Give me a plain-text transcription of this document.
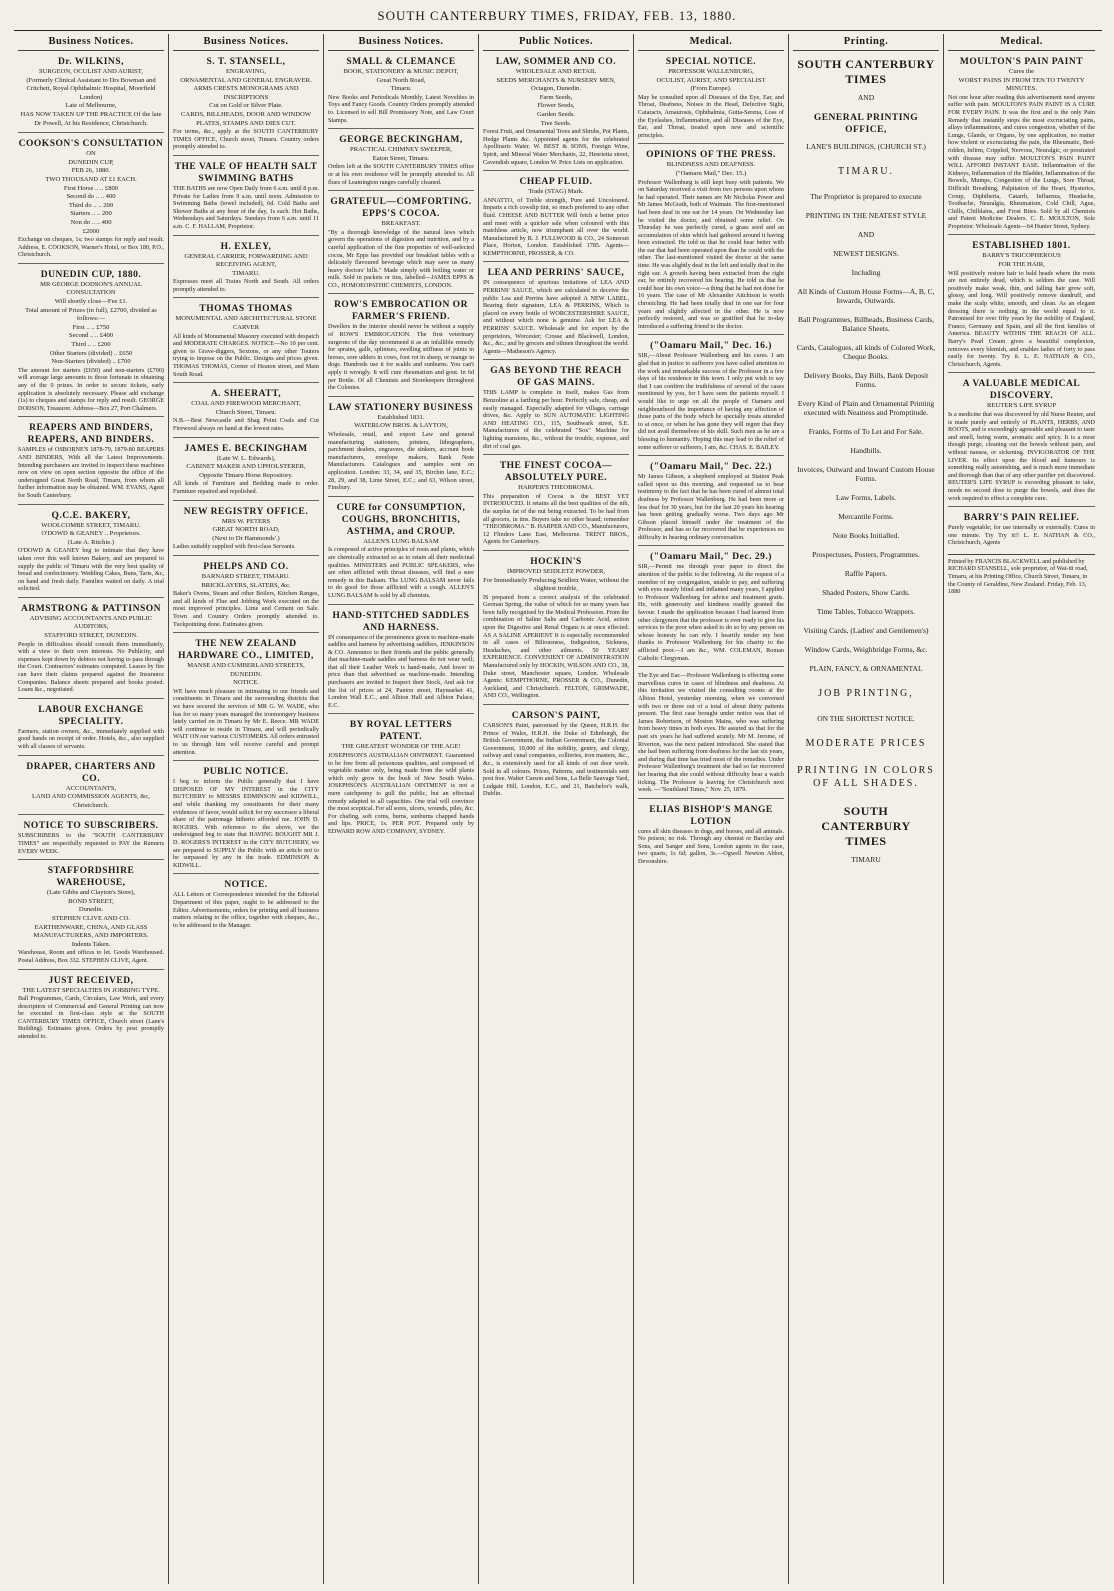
SOUTH CANTERBURY TIMES, FRIDAY, FEB. 13, 1880.
Business Notices.
Dr. WILKINS,
SURGEON, OCULIST AND AURIST,
(Formerly Clinical Assistant to Drs Bowman and Critchett, Royal Ophthalmic Hospital, Moorfield London)
Late of Melbourne,
HAS NOW TAKEN UP THE PRACTICE Of the late Dr Powell, At his Residence, Christchurch.
COOKSON'S CONSULTATION
ON
DUNEDIN CUP,
FEB 26, 1880.
TWO THOUSAND AT £1 EACH.
First Horse .. .. £800
Second do .. .. 400
Third do .. .. 200
Starters .. .. 200
Non do .. .. 400
£2000
Exchange on cheques, 1s; two stamps for reply and result. Address, E. COOKSON, Warner's Hotel, or Box 180, P.O., Christchurch.
DUNEDIN CUP, 1880.
MR GEORGE DODSON'S ANNUAL CONSULTATION
Will shortly close—Fee £1.
Total amount of Prizes (in full), £2700, divided as follows:—
First .. .. £750
Second .. .. £400
Third .. .. £200
Other Starters (divided) .. £650
Non-Starters (divided) .. £700
The amount for starters (£650) and non-starters (£700) will average large amounts to those fortunate in obtaining any of the 0 prizes. In order to secure tickets, early application is absolutely necessary. Please add exchange (1s) to cheques and stamps for reply and result. GEORGE DODSON, Treasurer. Address—Box 27, Port Chalmers.
REAPERS AND BINDERS, REAPERS, AND BINDERS.
SAMPLES of OSBORNE'S 1878-79, 1879-80 REAPERS AND BINDERS, With all the Latest Improvements. Intending purchasers are invited to inspect these machines now on view on open section opposite the office of the undersigned Great North Road, Timaru, from whom all further information may be obtained. WM. EVANS, Agent for South Canterbury.
Q.C.E. BAKERY,
WOOLCOMBE STREET, TIMARU.
O'DOWD & GEANEY .. Proprietors.
(Late A. Ritchie.)
O'DOWD & GEANEY beg to intimate that they have taken over this well known Bakery, and are prepared to supply the public of Timaru with the very best quality of bread and confectionery. Wedding Cakes, Buns, Tarts, &c, on hand and fresh daily. Families waited on daily. A trial solicited.
ARMSTRONG & PATTINSON
ADVISING ACCOUNTANTS AND PUBLIC AUDITORS,
STAFFORD STREET, DUNEDIN.
People in difficulties should consult them immediately, with a view to their own interests. No Publicity, and expenses kept down by debtors not having to pass through the Court. Contractors' estimates computed. Leases by fire can have their claims prepared against the Insurance Companies. Balance sheets prepared and books posted. Loans &c., negotiated.
LABOUR EXCHANGE SPECIALITY.
Farmers, station owners, &c., immediately supplied with good hands on receipt of order. Hotels, &c., also supplied with all classes of servants.
DRAPER, CHARTERS AND CO.
ACCOUNTANTS,
LAND AND COMMISSION AGENTS, &c,
Christchurch.
NOTICE TO SUBSCRIBERS.
SUBSCRIBERS to the "SOUTH CANTERBURY TIMES" are respectfully requested to PAY the Runners EVERY WEEK.
STAFFORDSHIRE WAREHOUSE,
(Late Gibbs and Clayton's Store),
BOND STREET,
Dunedin.
STEPHEN CLIVE AND CO.
EARTHENWARE, CHINA, AND GLASS MANUFACTURERS, AND IMPORTERS.
Indents Taken.
Warehouse, Room and offices to let. Goods Warehoused. Postal Address, Box 332. STEPHEN CLIVE, Agent.
JUST RECEIVED,
THE LATEST SPECIALTIES IN JOBBING TYPE.
Ball Programmes, Cards, Circulars, Law Work, and every description of Commercial and General Printing can now be executed in first-class style at the SOUTH CANTERBURY TIMES OFFICE, Church street (Lane's Building). Estimates given. Orders by post promptly attended to.
Business Notices.
S. T. STANSELL,
ENGRAVING,
ORNAMENTAL AND GENERAL ENGRAVER.
ARMS CRESTS MONOGRAMS AND INSCRIPTIONS
Cut on Gold or Silver Plate.
CARDS, BILLHEADS, DOOR AND WINDOW PLATES, STAMPS AND DIES CUT.
For terms, &c., apply at the SOUTH CANTERBURY TIMES OFFICE, Church street, Timaru. Country orders promptly attended to.
THE VALE OF HEALTH SALT SWIMMING BATHS
THE BATHS are now Open Daily from 6 a.m. until 8 p.m. Private for Ladies from 9 a.m. until noon. Admission to Swimming Baths (towel included), 6d. Cold Baths and Shower Baths at any hour of the day, 1s each. Hot Baths, Wednesdays and Saturdays. Sundays from 6 a.m. until 11 a.m. C. F. HALLAM, Proprietor.
H. EXLEY,
GENERAL CARRIER, FORWARDING AND RECEIVING AGENT,
TIMARU.
Expresses meet all Trains North and South. All orders promptly attended to.
THOMAS THOMAS
MONUMENTAL AND ARCHITECTURAL STONE CARVER
All kinds of Monumental Masonry executed with despatch and MODERATE CHARGES. NOTICE—No 10 per cent. given to Grave-diggers, Sextons, or any other Touters trying to impose on the Public. Designs and prices given. THOMAS THOMAS, Corner of Heaton street, and Main South Road.
A. SHEERATT,
COAL AND FIREWOOD MERCHANT,
Church Street, Timaru.
N.B.—Best Newcastle and Shag Point Coals and Cut Firewood always on hand at the lowest rates.
JAMES E. BECKINGHAM
(Late W. L. Edwards),
CABINET MAKER AND UPHOLSTERER,
Opposite Timaru Horse Repository.
All kinds of Furniture and Bedding made to order. Furniture repaired and repolished.
NEW REGISTRY OFFICE.
MRS W. PETERS
GREAT NORTH ROAD,
(Next to Dr Hammonds'.)
Ladies suitably supplied with first-class Servants.
PHELPS AND CO.
BARNARD STREET, TIMARU.
BRICKLAYERS, SLATERS, &c.
Baker's Ovens, Steam and other Boilers, Kitchen Ranges, and all kinds of Flue and Jobbing Work executed on the most improved principles. Lime and Cement on Sale. Town and Country Orders promptly attended to. Tuckpointing done. Estimates given.
THE NEW ZEALAND HARDWARE CO., LIMITED,
MANSE AND CUMBERLAND STREETS, DUNEDIN.
NOTICE.
WE have much pleasure in intimating to our friends and constituents in Timaru and the surrounding districts that we have secured the services of MR G. W. WADE, who has for so many years managed the ironmongery business lately carried on in Timaru by Mr E. Reece. MR WADE will continue to reside in Timaru, and will periodically WAIT ON our various CUSTOMERS. All orders entrusted to us through him will receive careful and prompt attention.
PUBLIC NOTICE.
I beg to inform the Public generally that I have DISPOSED OF MY INTEREST in the CITY BUTCHERY to MESSRS EDMINSON and KIDWILL, and while thanking my constituents for their many evidences of favor, would solicit for my successor a liberal share of the patronage hitherto afforded me. JOHN D. ROGERS. With reference to the above, we the undersigned beg to state that HAVING BOUGHT MR J. D. ROGERS'S INTEREST in the CITY BUTCHERY, we are prepared to SUPPLY the Public with an article not to be surpassed by any in the trade. EDMINSON & KIDWILL.
NOTICE.
ALL Letters or Correspondence intended for the Editorial Department of this paper, ought to be addressed to the Editor. Advertisements, orders for printing and all business matters relating to the office, together with cheques, &c., to be addressed to the Manager.
Business Notices.
SMALL & CLEMANCE
BOOK, STATIONERY & MUSIC DEPOT,
Great North Road,
Timaru.
New Books and Periodicals Monthly, Latest Novelties in Toys and Fancy Goods. Country Orders promptly attended to. Licensed to sell Bill Promissory Note, and Law Court Stamps.
GEORGE BECKINGHAM,
PRACTICAL CHIMNEY SWEEPER,
Eaton Street, Timaru.
Orders left at the SOUTH CANTERBURY TIMES office or at his own residence will be promptly attended to. All flues of Leamington ranges carefully cleaned.
GRATEFUL—COMFORTING. EPPS'S COCOA.
BREAKFAST.
"By a thorough knowledge of the natural laws which govern the operations of digestion and nutrition, and by a careful application of the fine properties of well-selected cocoa, Mr Epps has provided our breakfast tables with a delicately flavoured beverage which may save us many heavy doctors' bills." Made simply with boiling water or milk. Sold in packets or tins, labelled—JAMES EPPS & CO., HOMOEOPATHIC CHEMISTS, LONDON.
ROW'S EMBROCATION OR FARMER'S FRIEND.
Dwellers in the interior should never be without a supply of ROW'S EMBROCATION. The first veterinary surgeons of the day recommend it as an infallible remedy for sprains, galls, splintses, swelling stiffness of joints in horses, sore udders in cows, foot rot in sheep, or mange in dogs. Hundreds use it for scalds and sunburns. You can't apply it wrongly. It will cure rheumatism and gout. In 6d per Bottle. Of all Chemists and Storekeepers throughout the Colonies.
LAW STATIONERY BUSINESS
Established 1831.
WATERLOW BROS. & LAYTON,
Wholesale, retail, and export Law and general manufacturing stationers, printers, lithographers, parchment dealers, engravers, die sinkers, account book manufacturers, envelope makers, Bank Note Manufacturers. Catalogues and samples sent on application. London: 33, 34, and 35, Birchin lane, E.C.; 28, 29, and 38, Lime Street, E.C.; and 63, Wilson street, Finsbury.
CURE for CONSUMPTION, COUGHS, BRONCHITIS, ASTHMA, and CROUP.
ALLEN'S LUNG BALSAM
Is composed of active principles of roots and plants, which are chemically extracted so as to retain all their medicinal qualities. MINISTERS and PUBLIC SPEAKERS, who are often afflicted with throat diseases, will find a sure remedy in this Balsam. The LUNG BALSAM never fails to do good for those afflicted with a cough. ALLEN'S LUNG BALSAM Is sold by all chemists.
HAND-STITCHED SADDLES AND HARNESS.
IN consequence of the prominence given to machine-made saddles and harness by advertising saddlers, JENKINSON & CO. Announce to their friends and the public generally that machine-made saddles and harness do not wear well; that all their Leather Work is hand-made, And lower in price than that advertised as machine-made. Intending purchasers are invited to Inspect their Stock, And ask for the list of prices at 24, Panton street, Haymarket 41, London Wall E.C., and Albion Hall and Albion Palace, E.C.
BY ROYAL LETTERS PATENT.
THE GREATEST WONDER OF THE AGE!
JOSEPHSON'S AUSTRALIAN OINTMENT. Guaranteed to be free from all poisonous qualities, and composed of vegetable matter only, being made from the wild plants which only grow in the bush of New South Wales. JOSEPHSON'S AUSTRALIAN OINTMENT is not a mere catchpenny to gull the public, but an effectual remedy adapted to all capacities. One trial will convince the most sceptical. For all sores, ulcers, wounds, piles, &c. For chafing, soft corns, burns, sunburns chapped hands and lips. PRICE, 1s. PER POT. Prepared only by EDWARD ROW AND COMPANY, SYDNEY.
Public Notices.
LAW, SOMMER AND CO.
WHOLESALE AND RETAIL
SEEDS MERCHANTS & NURSERY MEN,
Octagon, Dunedin.
Farm Seeds,
Flower Seeds,
Garden Seeds.
Tree Seeds.
Forest Fruit, and Ornamental Trees and Shrubs, Pot Plants, Hedge Plants &c. Appointed agents for the celebrated Apollinaris Water. W. BEST & SONS, Foreign Wine, Spirit, and Mineral Water Merchants, 22, Henrietta street, Cavendish square, London W. Price Lists on application.
CHEAP FLUID.
Trade (STAG) Mark.
ANNATTO, of Treble strength, Pure and Uncoloured. Imparts a rich cowslip tint, so much preferred to any other fluid. CHEESE AND BUTTER Will fetch a better price and meet with a quicker sale when coloured with this matchless article, now triumphant all over the world. Manufactured by R. J. FULLWOOD & CO., 24 Somerset Place, Horton, London. Established 1785. Agents—KEMPTHORNE, PROSSER, & CO.
LEA AND PERRINS' SAUCE,
IN consequence of spurious imitations of LEA AND PERRINS' SAUCE, which are calculated to deceive the public Lea and Perrins have adopted A NEW LABEL, Bearing their signature, LEA & PERRINS, Which is placed on every bottle of WORCESTERSHIRE SAUCE, and without which none is genuine. Ask for LEA & PERRINS' SAUCE. Wholesale and for export by the proprietors, Worcester; Crosse and Blackwell, London, &c., &c.; and by grocers and oilmen throughout the world. Agents—Matheson's Agency.
GAS BEYOND THE REACH OF GAS MAINS.
THIS LAMP is complete in itself, makes Gas from Benzoline at a farthing per hour. Perfectly safe, cheap, and easily managed. Especially adapted for villages, carriage drives, &c. Apply to SUN AUTOMATIC LIGHTING AND HEATING CO., 115, Southwark street, S.E. Manufacturers of the celebrated "Sox" Machine for lighting mansions, &c., without the trouble, expense, and dirt of coal gas.
THE FINEST COCOA—ABSOLUTELY PURE.
HARPER'S THEOBROMA.
This preparation of Cocoa is the BEST YET INTRODUCED. It retains all the best qualities of the nib, the surplus fat of the nut being extracted. To be had from all grocers, in tins. Buyers take no other brand; remember "THEOBROMA." B. HARPER AND CO., Manufacturers, 12 Flinders Lane East, Melbourne. TRENT BROS., Agents for Canterbury.
HOCKIN'S
IMPROVED SEIDLETZ POWDER,
For Immediately Producing Seidletz Water, without the slightest trouble,
IS prepared from a correct analysis of the celebrated German Spring, the value of which for so many years has been fully recognised by the Medical Profession. From the combination of Saline Salts and Carbonic Acid, action upon the Digestive and Renal Organs is at once effected. AS A SALINE APERIENT It is especially recommended in all cases of Biliousness, Indigestion, Sickness, Headaches, and other ailments. 50 YEARS' EXPERIENCE. CONVENIENT OF ADMINISTRATION Manufactured only by HOCKIN, WILSON AND CO., 38, Duke street, Manchester square, London. Wholesale Agents: KEMPTHORNE, PROSSER & CO., Dunedin, Auckland, and Christchurch. FELTON, GRIMWADE, AND CO., Wellington.
CARSON'S PAINT,
CARSON'S Paint, patronised by the Queen, H.R.H. the Prince of Wales, H.R.H. the Duke of Edinburgh, the British Government, the Indian Government, the Colonial Government, 10,000 of the nobility, gentry, and clergy, railway and canal companies, collieries, iron masters, &c., &c., is extensively used for all kinds of out door work. Sold in all colours. Prices, Patterns, and testimonials sent post free. Walter Carson and Sons, La Belle Sauvage Yard, Ludgate Hill, London, E.C., and 21, Batchelor's walk, Dublin.
Medical.
SPECIAL NOTICE.
PROFESSOR WALLENBURG,
OCULIST, AURIST, AND SPECIALIST
(From Europe).
May be consulted upon all Diseases of the Eye, Ear, and Throat, Deafness, Noises in the Head, Defective Sight, Cataracts, Amaurosis, Ophthalmia, Gutta-Serena, Loss of the Eyelashes, Inflammation, and all Diseases of the Eye, Ear, and Throat, treated upon new and scientific principles.
OPINIONS OF THE PRESS.
BLINDNESS AND DEAFNESS.
("Oamaru Mail," Dec. 15.)
Professor Wallenburg is still kept busy with patients. We on Saturday received a visit from two persons upon whom he had operated. Their names are Mr Nicholas Power and Mr James McGrath, both of Waimate. The first-mentioned had been deaf in one ear for 14 years. On Wednesday last he visited the doctor, and obtained some relief. On Thursday he was perfectly cured, a grass seed and an accumulation of skin which had gathered around it having been extracted. He told us that he could hear better with the ear that had been operated upon than he could with the other. The last-mentioned visited the doctor at the same time. He was slightly deaf in the left and totally deaf in the right ear. A growth having been extracted from the right ear, he entirely recovered his hearing. He told us that he could hear his own voice—a thing that he had not done for 16 years. The case of Mr Alexander Aitchison is worth chronicling. He had been totally deaf in one ear for four years and slightly affected in the other. He is now perfectly restored, and was so gratified that he to-day introduced a suffering friend to the doctor.
("Oamaru Mail," Dec. 16.)
SIR,—About Professor Wallenburg and his cures. I am glad that in justice to sufferers you have called attention to the work and remarkable success of the Professor in a few days of his residence in this town. I only put wish to say that I can confirm the truthfulness of several of the cases mentioned by you, for I have seen the patients myself. I would like to urge on all the people of Oamaru and neighbourhood the importance of having any affection of those parts of the body which he specially treats attended to at once, or when he has gone they will regret that they did not avail themselves of his skill. Such men as he are a blessing to humanity. Hoping this may lead to the relief of some sufferer or sufferers, I am, &c. CHAS. E. BAILEY.
("Oamaru Mail," Dec. 22.)
Mr James Gibson, a shepherd employed at Station Peak called upon us this morning, and requested us to bear testimony to the fact that he has been cured of almost total deafness by Professor Wallenburg. He had been more or less deaf for 30 years, but for the last 20 years his hearing has been getting gradually worse. Two days ago Mr Gibson placed himself under the treatment of the Professor, and has so far recovered that he experiences no difficulty in hearing ordinary conversation.
("Oamaru Mail," Dec. 29.)
SIR,—Permit me through your paper to direct the attention of the public to the following. At the request of a member of my congregation, unable to pay, and suffering with eyes nearly blind and inflamed many years, I applied to Professor Wallenburg for advice and treatment gratis. He, with generosity and kindness readily granted the favour. I made the application because I had learned from other clergymen that the professor is ever ready to give his services to the poor when asked to do so by any person on whose honesty he can rely. I heartily tender my best thanks to Professor Wallenburg for his charity to the afflicted poor.—I am &c., WM. COLEMAN, Roman Catholic Clergyman.
The Eye and Ear.—Professor Wallenburg is effecting some marvellous cures in cases of blindness and deafness. At this invitation we visited the consulting rooms at the Albion Hotel, yesterday morning, when we conversed with two or three out of a total of about thirty patients present. The first case brought under notice was that of James Robertson, of Moston Mains, who was suffering from heavy times in both eyes. He assured us that for the past six years he had suffered acutely. Mr M. Jerome, of Riverton, was the next patient introduced. She stated that she had been suffering from deafness for the last six years, and during that time has tried most of the remedies. Under Professor Wallenburg's treatment she had so far recovered her hearing that she could without difficulty hear a watch ticking. The Professor is leaving for Christchurch next week. —"Southland Times," Nov. 25, 1879.
ELIAS BISHOP'S MANGE LOTION
cures all skin diseases in dogs, and horses, and all animals. No poison; no risk. Through any chemist or Barclay and Sons, and Sanger and Sons, London agents in the case, two quarts, 1s 6d; gallon, 3s.—Ogwell Newton Abbot, Devonshire.
Printing.
SOUTH CANTERBURY TIMES
AND
GENERAL PRINTING OFFICE,
LANE'S BUILDINGS, (CHURCH ST.)
TIMARU.
The Proprietor is prepared to execute
PRINTING IN THE NEATEST STYLE
AND
NEWEST DESIGNS.
Including
All Kinds of Custom House Forms—A, B, C, Inwards, Outwards.
Ball Programmes, Billheads, Business Cards, Balance Sheets.
Cards, Catalogues, all kinds of Colored Work, Cheque Books.
Delivery Books, Day Bills, Bank Deposit Forms.
Every Kind of Plain and Ornamental Printing executed with Neatness and Promptitude.
Franks, Forms of To Let and For Sale.
Handbills.
Invoices, Outward and Inward Custom House Forms.
Law Forms, Labels.
Mercantile Forms.
Note Books Initialled.
Prospectuses, Posters, Programmes.
Raffle Papers.
Shaded Posters, Show Cards.
Time Tables, Tobacco Wrappers.
Visiting Cards, (Ladies' and Gentlemen's)
Window Cards, Weighbridge Forms, &c.
PLAIN, FANCY, & ORNAMENTAL
JOB PRINTING,
ON THE SHORTEST NOTICE.
MODERATE PRICES
PRINTING IN COLORS OF ALL SHADES.
SOUTH
CANTERBURY
TIMES
TIMARU
Medical.
MOULTON'S PAIN PAINT
Cures the
WORST PAINS IN FROM TEN TO TWENTY MINUTES.
Not one hour after reading this advertisement need anyone suffer with pain. MOULTON'S PAIN PAINT IS A CURE FOR EVERY PAIN. It was the first and is the only Pain Remedy that instantly stops the most excruciating pains, allays inflammations, and cures congestion, whether of the Lungs, Glands, or Organs, by one application, no matter how violent or excruciating the pain, the Rheumatic, Bed-ridden, Infirm, Crippled, Nervous, Neuralgic, or prostrated with disease may suffer. MOULTON'S PAIN PAINT WILL AFFORD INSTANT EASE. Inflammation of the Kidneys, Inflammation of the Bladder, Inflammation of the Bowels, Mumps, Congestion of the Lungs, Sore Throat, Difficult Breathing, Palpitation of the Heart, Hysterics, Croup, Diphtheria, Catarrh, Influenza, Headache, Toothache, Neuralgia, Rheumatism, Cold Chill, Ague, Chills, Chilblains, and Frost Bites. Sold by all Chemists and Patent Medicine Dealers. C. E. MOULTON, Sole Proprietor. Wholesale Agents—64 Hunter Street, Sydney.
ESTABLISHED 1801.
BARRY'S TRICOPHEROUS
FOR THE HAIR,
Will positively restore hair to bald heads where the roots are not entirely dead, which is seldom the case. Will positively make weak, thin, and falling hair grow soft, glossy, and long. Will positively remove dandruff, and make the scalp white, smooth, and clean. As an elegant dressing there is nothing in the world equal to it. Patronised for over fifty years by the nobility of England, France, Germany and Spain, and all the first families of America. BEAUTY WITHIN THE REACH OF ALL. Barry's Pearl Cream gives a beautiful complexion, removes every blemish, and enables ladies of forty to pass easily for twenty. Try it. L. E. NATHAN & CO., Christchurch, Agents.
A VALUABLE MEDICAL DISCOVERY.
REUTER'S LIFE SYRUP
Is a medicine that was discovered by old Nurse Reuter, and is made purely and entirely of PLANTS, HERBS, AND ROOTS, and is exceedingly agreeable and pleasant to taste and smell, being warm, aromatic and spicy. It is a most though purge, cleaning out the bowels without pain, and without nausea, or sickening. INVIGORATOR OF THE LIVER. Its effect upon the blood and humours is something really astonishing, and is much more immediate and thorough than that of any other purifier yet discovered. REUTER'S LIFE SYRUP is exceeding pleasant to take, needs no second dose to purge the bowels, and does the work required to effect a complete cure.
BARRY'S PAIN RELIEF.
Purely vegetable; for use internally or externally. Cures in one minute. Try Try it!! L. E. NATHAN & CO., Christchurch, Agents
Printed by FRANCIS BLACKWELL and published by RICHARD STANSELL, sole proprietor, of Wai-iti road, Timaru, at his Printing Office, Church Street, Timaru, in the County of Geraldine, New Zealand. Friday, Feb. 13, 1880
